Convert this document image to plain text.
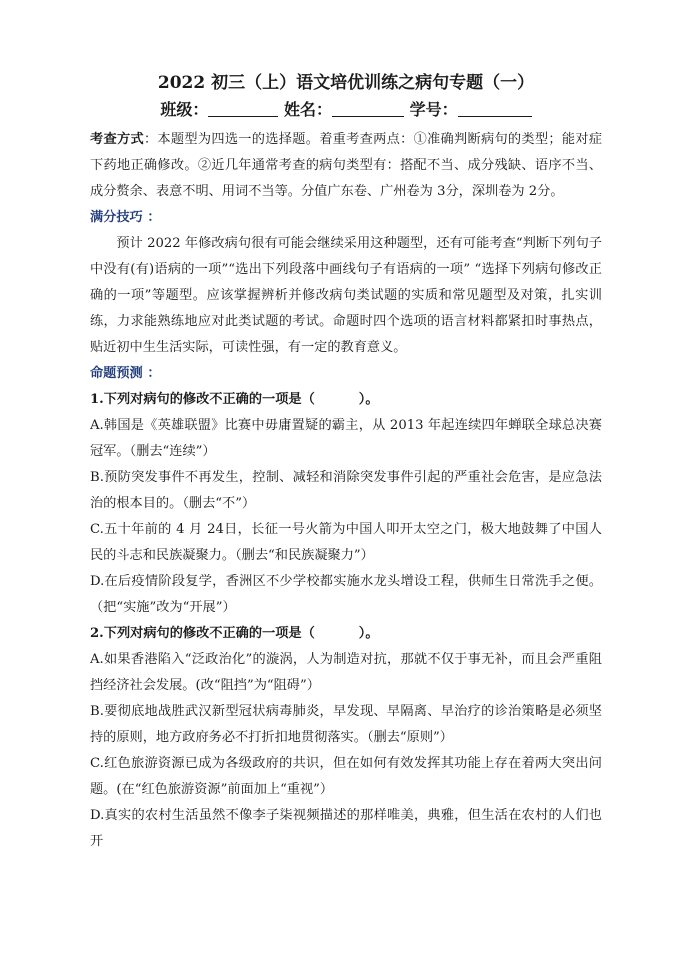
2022 初三（上）语文培优训练之病句专题（一）
班级：	姓名：	学号：

考查方式：本题型为四选一的选择题。着重考查两点：①准确判断病句的类型；能对症下药地正确修改。②近几年通常考查的病句类型有：搭配不当、成分残缺、语序不当、成分赘余、表意不明、用词不当等。分值广东卷、广州卷为 3分，深圳卷为 2分。

满分技巧 ：

预计 2022 年修改病句很有可能会继续采用这种题型，还有可能考查“判断下列句子中没有(有)语病的一项”“选出下列段落中画线句子有语病的一项” “选择下列病句修改正确的一项”等题型。应该掌握辨析并修改病句类试题的实质和常见题型及对策，扎实训练，力求能熟练地应对此类试题的考试。命题时四个选项的语言材料都紧扣时事热点，贴近初中生生活实际，可读性强，有一定的教育意义。

命题预测 ：

1.下列对病句的修改不正确的一项是（	）。

A.韩国是《英雄联盟》比赛中毋庸置疑的霸主，从 2013 年起连续四年蝉联全球总决赛冠军。（删去“连续”）

B.预防突发事件不再发生，控制、减轻和消除突发事件引起的严重社会危害，是应急法治的根本目的。（删去“不”）

C.五十年前的 4 月 24日，长征一号火箭为中国人叩开太空之门，极大地鼓舞了中国人民的斗志和民族凝聚力。（删去“和民族凝聚力”）

D.在后疫情阶段复学，香洲区不少学校都实施水龙头增设工程，供师生日常洗手之便。（把“实施”改为“开展”）

2.下列对病句的修改不正确的一项是（	）。

A.如果香港陷入“泛政治化”的漩涡，人为制造对抗，那就不仅于事无补，而且会严重阻挡经济社会发展。(改“阻挡”为“阻碍”）

B.要彻底地战胜武汉新型冠状病毒肺炎，早发现、早隔离、早治疗的诊治策略是必须坚持的原则，地方政府务必不打折扣地贯彻落实。（删去“原则”）

C.红色旅游资源已成为各级政府的共识，但在如何有效发挥其功能上存在着两大突出问题。(在“红色旅游资源”前面加上“重视”）

D.真实的农村生活虽然不像李子柒视频描述的那样唯美，典雅，但生活在农村的人们也开
